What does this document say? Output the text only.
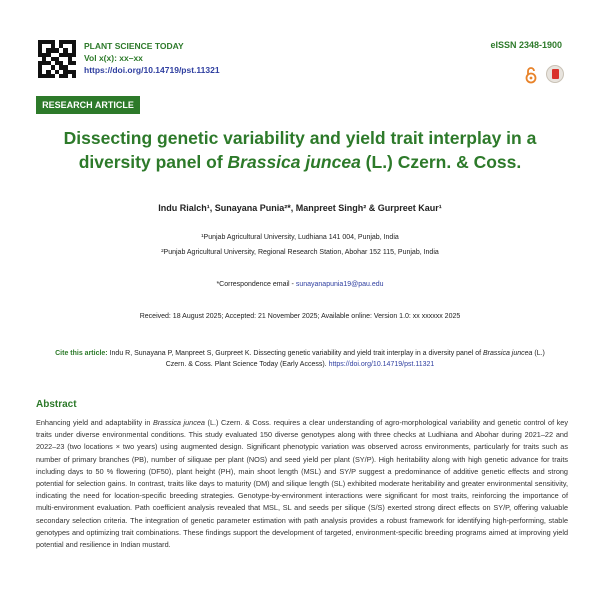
PLANT SCIENCE TODAY
Vol x(x): xx–xx
https://doi.org/10.14719/pst.11321
eISSN 2348-1900
RESEARCH ARTICLE
Dissecting genetic variability and yield trait interplay in a diversity panel of Brassica juncea (L.) Czern. & Coss.
Indu Rialch¹, Sunayana Punia²*, Manpreet Singh² & Gurpreet Kaur¹
¹Punjab Agricultural University, Ludhiana 141 004, Punjab, India
²Punjab Agricultural University, Regional Research Station, Abohar 152 115, Punjab, India
*Correspondence email - sunayanapunia19@pau.edu
Received: 18 August 2025; Accepted: 21 November 2025; Available online: Version 1.0: xx xxxxxx 2025
Cite this article: Indu R, Sunayana P, Manpreet S, Gurpreet K. Dissecting genetic variability and yield trait interplay in a diversity panel of Brassica juncea (L.) Czern. & Coss. Plant Science Today (Early Access). https://doi.org/10.14719/pst.11321
Abstract

Enhancing yield and adaptability in Brassica juncea (L.) Czern. & Coss. requires a clear understanding of agro-morphological variability and genetic control of key traits under diverse environmental conditions. This study evaluated 150 diverse genotypes along with three checks at Ludhiana and Abohar during 2021–22 and 2022–23 (two locations × two years) using augmented design. Significant phenotypic variation was observed across environments, particularly for traits such as number of primary branches (PB), number of siliquae per plant (NOS) and seed yield per plant (SY/P). High heritability along with high genetic advance for traits including days to 50 % flowering (DF50), plant height (PH), main shoot length (MSL) and SY/P suggest a predominance of additive genetic effects and strong potential for selection gains. In contrast, traits like days to maturity (DM) and silique length (SL) exhibited moderate heritability and greater environmental sensitivity, indicating the need for location-specific breeding strategies. Genotype-by-environment interactions were significant for most traits, reinforcing the importance of multi-environment evaluation. Path coefficient analysis revealed that MSL, SL and seeds per silique (S/S) exerted strong direct effects on SY/P, offering valuable secondary selection criteria. The integration of genetic parameter estimation with path analysis provides a robust framework for identifying high-performing, stable genotypes and optimizing trait combinations. These findings support the development of targeted, environment-specific breeding programs aimed at improving yield potential and resilience in Indian mustard.
